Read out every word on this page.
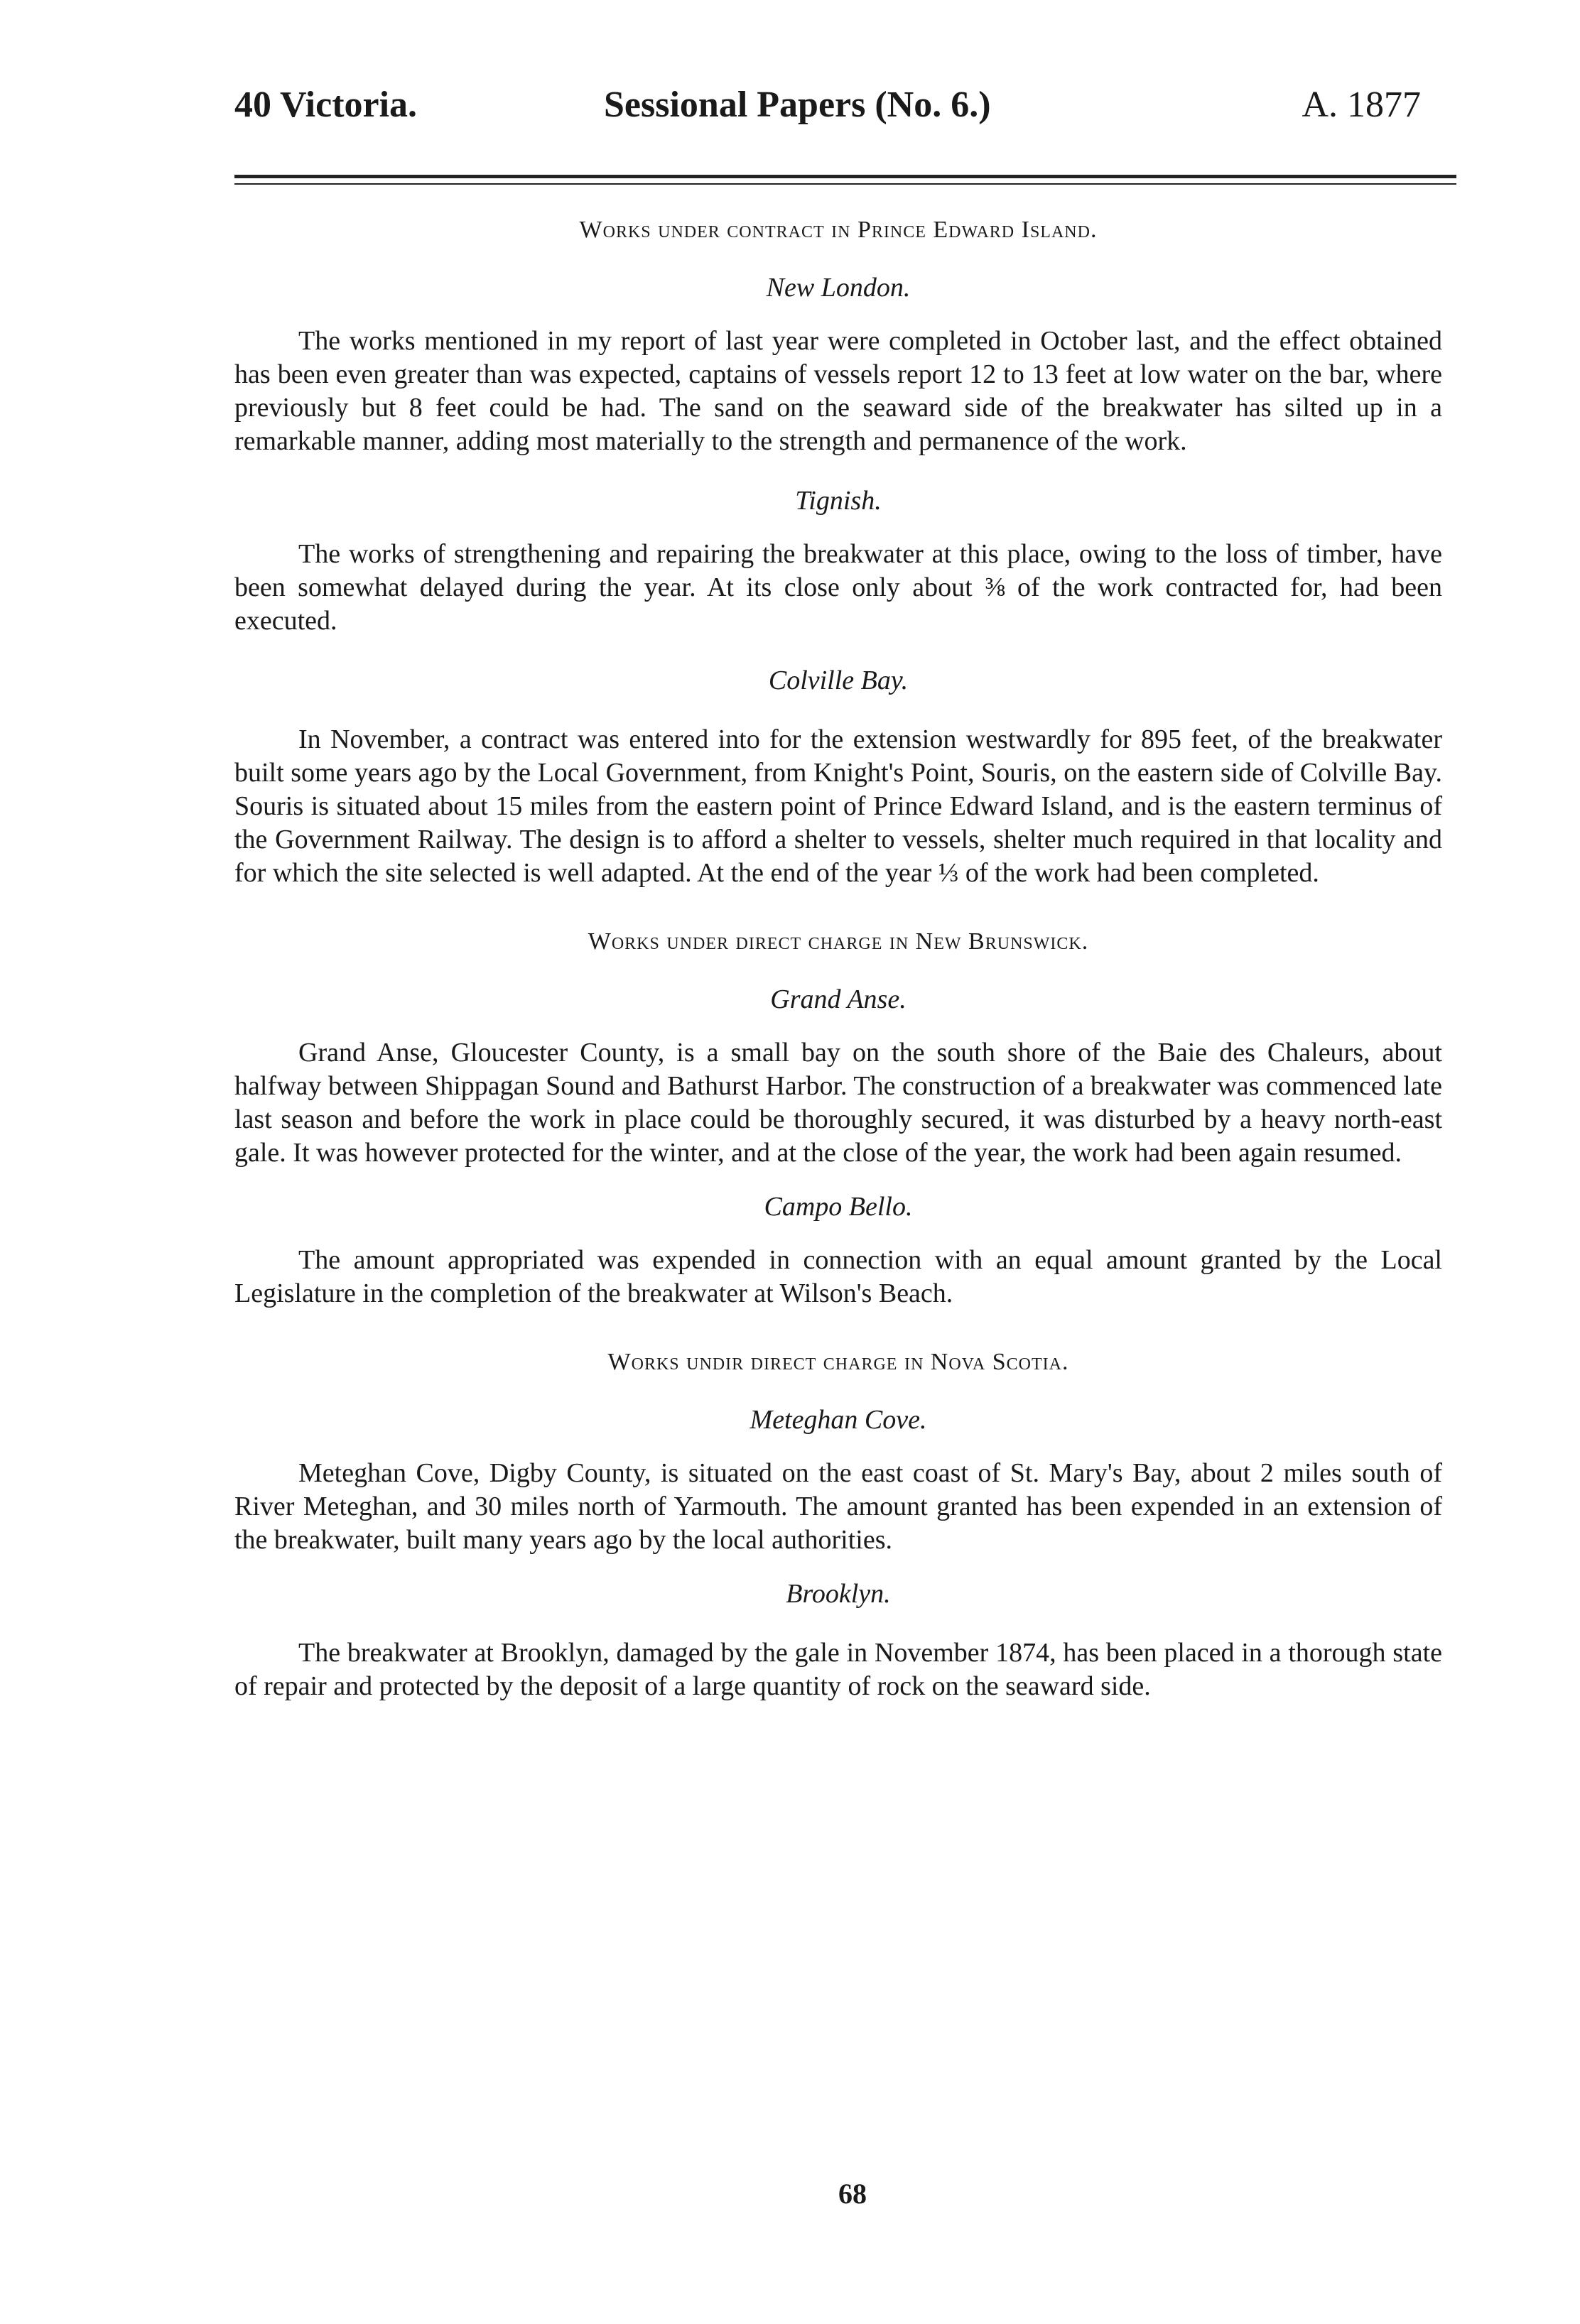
40 Victoria.	Sessional Papers (No. 6.)	A. 1877

Works under contract in Prince Edward Island.

New London.

The works mentioned in my report of last year were completed in October last, and the effect obtained has been even greater than was expected, captains of vessels report 12 to 13 feet at low water on the bar, where previously but 8 feet could be had. The sand on the seaward side of the breakwater has silted up in a remarkable manner, adding most materially to the strength and permanence of the work.

Tignish.

The works of strengthening and repairing the breakwater at this place, owing to the loss of timber, have been somewhat delayed during the year. At its close only about ⅜ of the work contracted for, had been executed.

Colville Bay.

In November, a contract was entered into for the extension westwardly for 895 feet, of the breakwater built some years ago by the Local Government, from Knight's Point, Souris, on the eastern side of Colville Bay. Souris is situated about 15 miles from the eastern point of Prince Edward Island, and is the eastern terminus of the Government Railway. The design is to afford a shelter to vessels, shelter much required in that locality and for which the site selected is well adapted. At the end of the year ⅓ of the work had been completed.

Works under direct charge in New Brunswick.

Grand Anse.

Grand Anse, Gloucester County, is a small bay on the south shore of the Baie des Chaleurs, about halfway between Shippagan Sound and Bathurst Harbor. The construction of a breakwater was commenced late last season and before the work in place could be thoroughly secured, it was disturbed by a heavy north-east gale. It was however protected for the winter, and at the close of the year, the work had been again resumed.

Campo Bello.

The amount appropriated was expended in connection with an equal amount granted by the Local Legislature in the completion of the breakwater at Wilson's Beach.

Works undir direct charge in Nova Scotia.

Meteghan Cove.

Meteghan Cove, Digby County, is situated on the east coast of St. Mary's Bay, about 2 miles south of River Meteghan, and 30 miles north of Yarmouth. The amount granted has been expended in an extension of the breakwater, built many years ago by the local authorities.

Brooklyn.

The breakwater at Brooklyn, damaged by the gale in November 1874, has been placed in a thorough state of repair and protected by the deposit of a large quantity of rock on the seaward side.

68
